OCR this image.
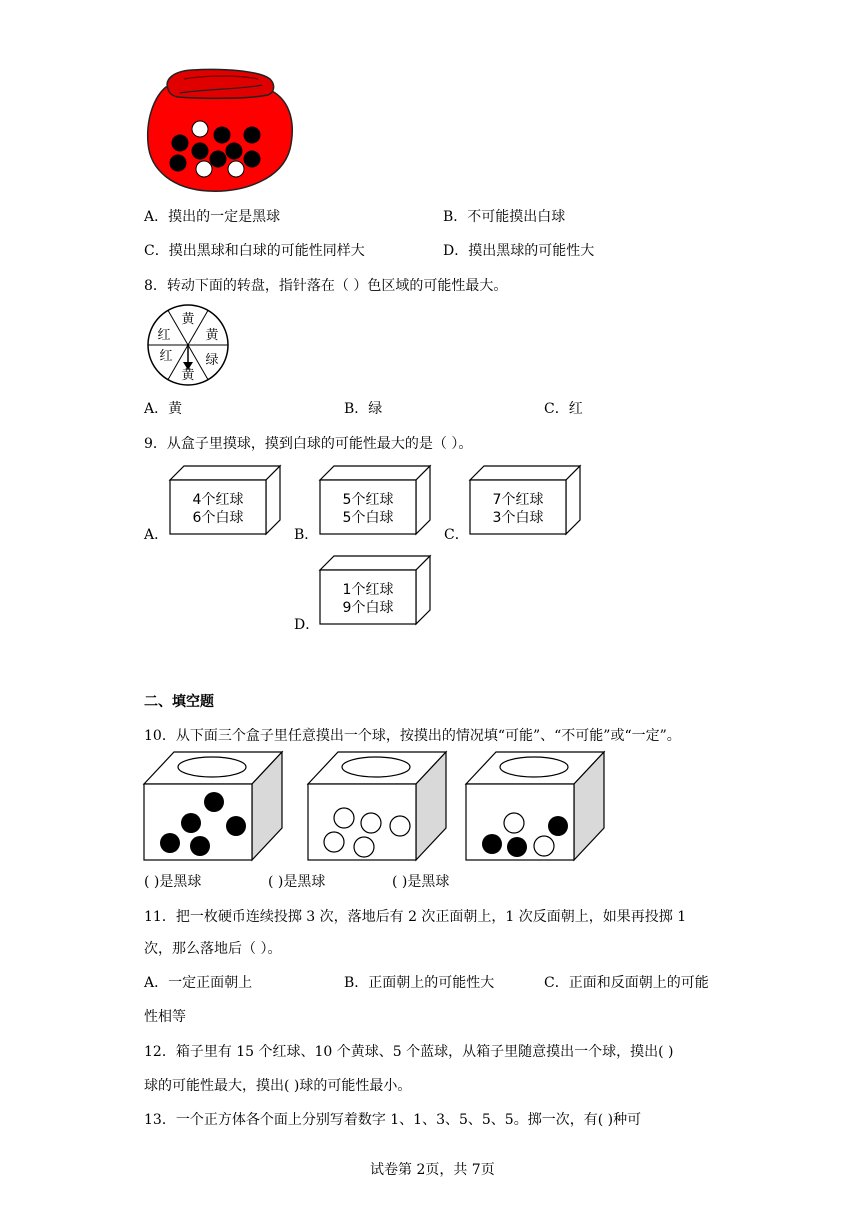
A．摸出的一定是黑球	B．不可能摸出白球
C．摸出黑球和白球的可能性同样大	D．摸出黑球的可能性大
8．转动下面的转盘，指针落在（ ）色区域的可能性最大。
黄
黄
绿
黄
红
红
A．黄	B．绿	C．红
9．从盒子里摸球，摸到白球的可能性最大的是（ ）。
A．
4个红球
6个白球
B．
5个红球
5个白球
C．
7个红球
3个白球
D．
1个红球
9个白球
二、填空题
10．从下面三个盒子里任意摸出一个球，按摸出的情况填“可能”、“不可能”或“一定”。
( )是黑球	( )是黑球	( )是黑球
11．把一枚硬币连续投掷 3 次，落地后有 2 次正面朝上，1 次反面朝上，如果再投掷 1
次，那么落地后（ ）。
A．一定正面朝上	B．正面朝上的可能性大	C．正面和反面朝上的可能
性相等
12．箱子里有 15 个红球、10 个黄球、5 个蓝球，从箱子里随意摸出一个球，摸出( )
球的可能性最大，摸出( )球的可能性最小。
13．一个正方体各个面上分别写着数字 1、1、3、5、5、5。掷一次，有( )种可
试卷第 2页，共 7页
